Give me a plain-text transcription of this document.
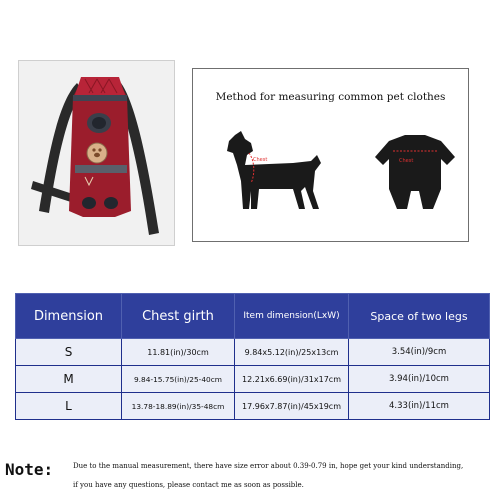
Method for measuring common pet clothes
Chest	Chest
Dimension	Chest girth	Item dimension(LxW)	Space of two legs
S	11.81(in)/30cm	9.84x5.12(in)/25x13cm	3.54(in)/9cm
M	9.84-15.75(in)/25-40cm	12.21x6.69(in)/31x17cm	3.94(in)/10cm
L	13.78-18.89(in)/35-48cm	17.96x7.87(in)/45x19cm	4.33(in)/11cm
Note:	Due to the manual measurement, there have size error about 0.39-0.79 in, hope get your kind understanding,
if you have any questions, please contact me as soon as possible.
